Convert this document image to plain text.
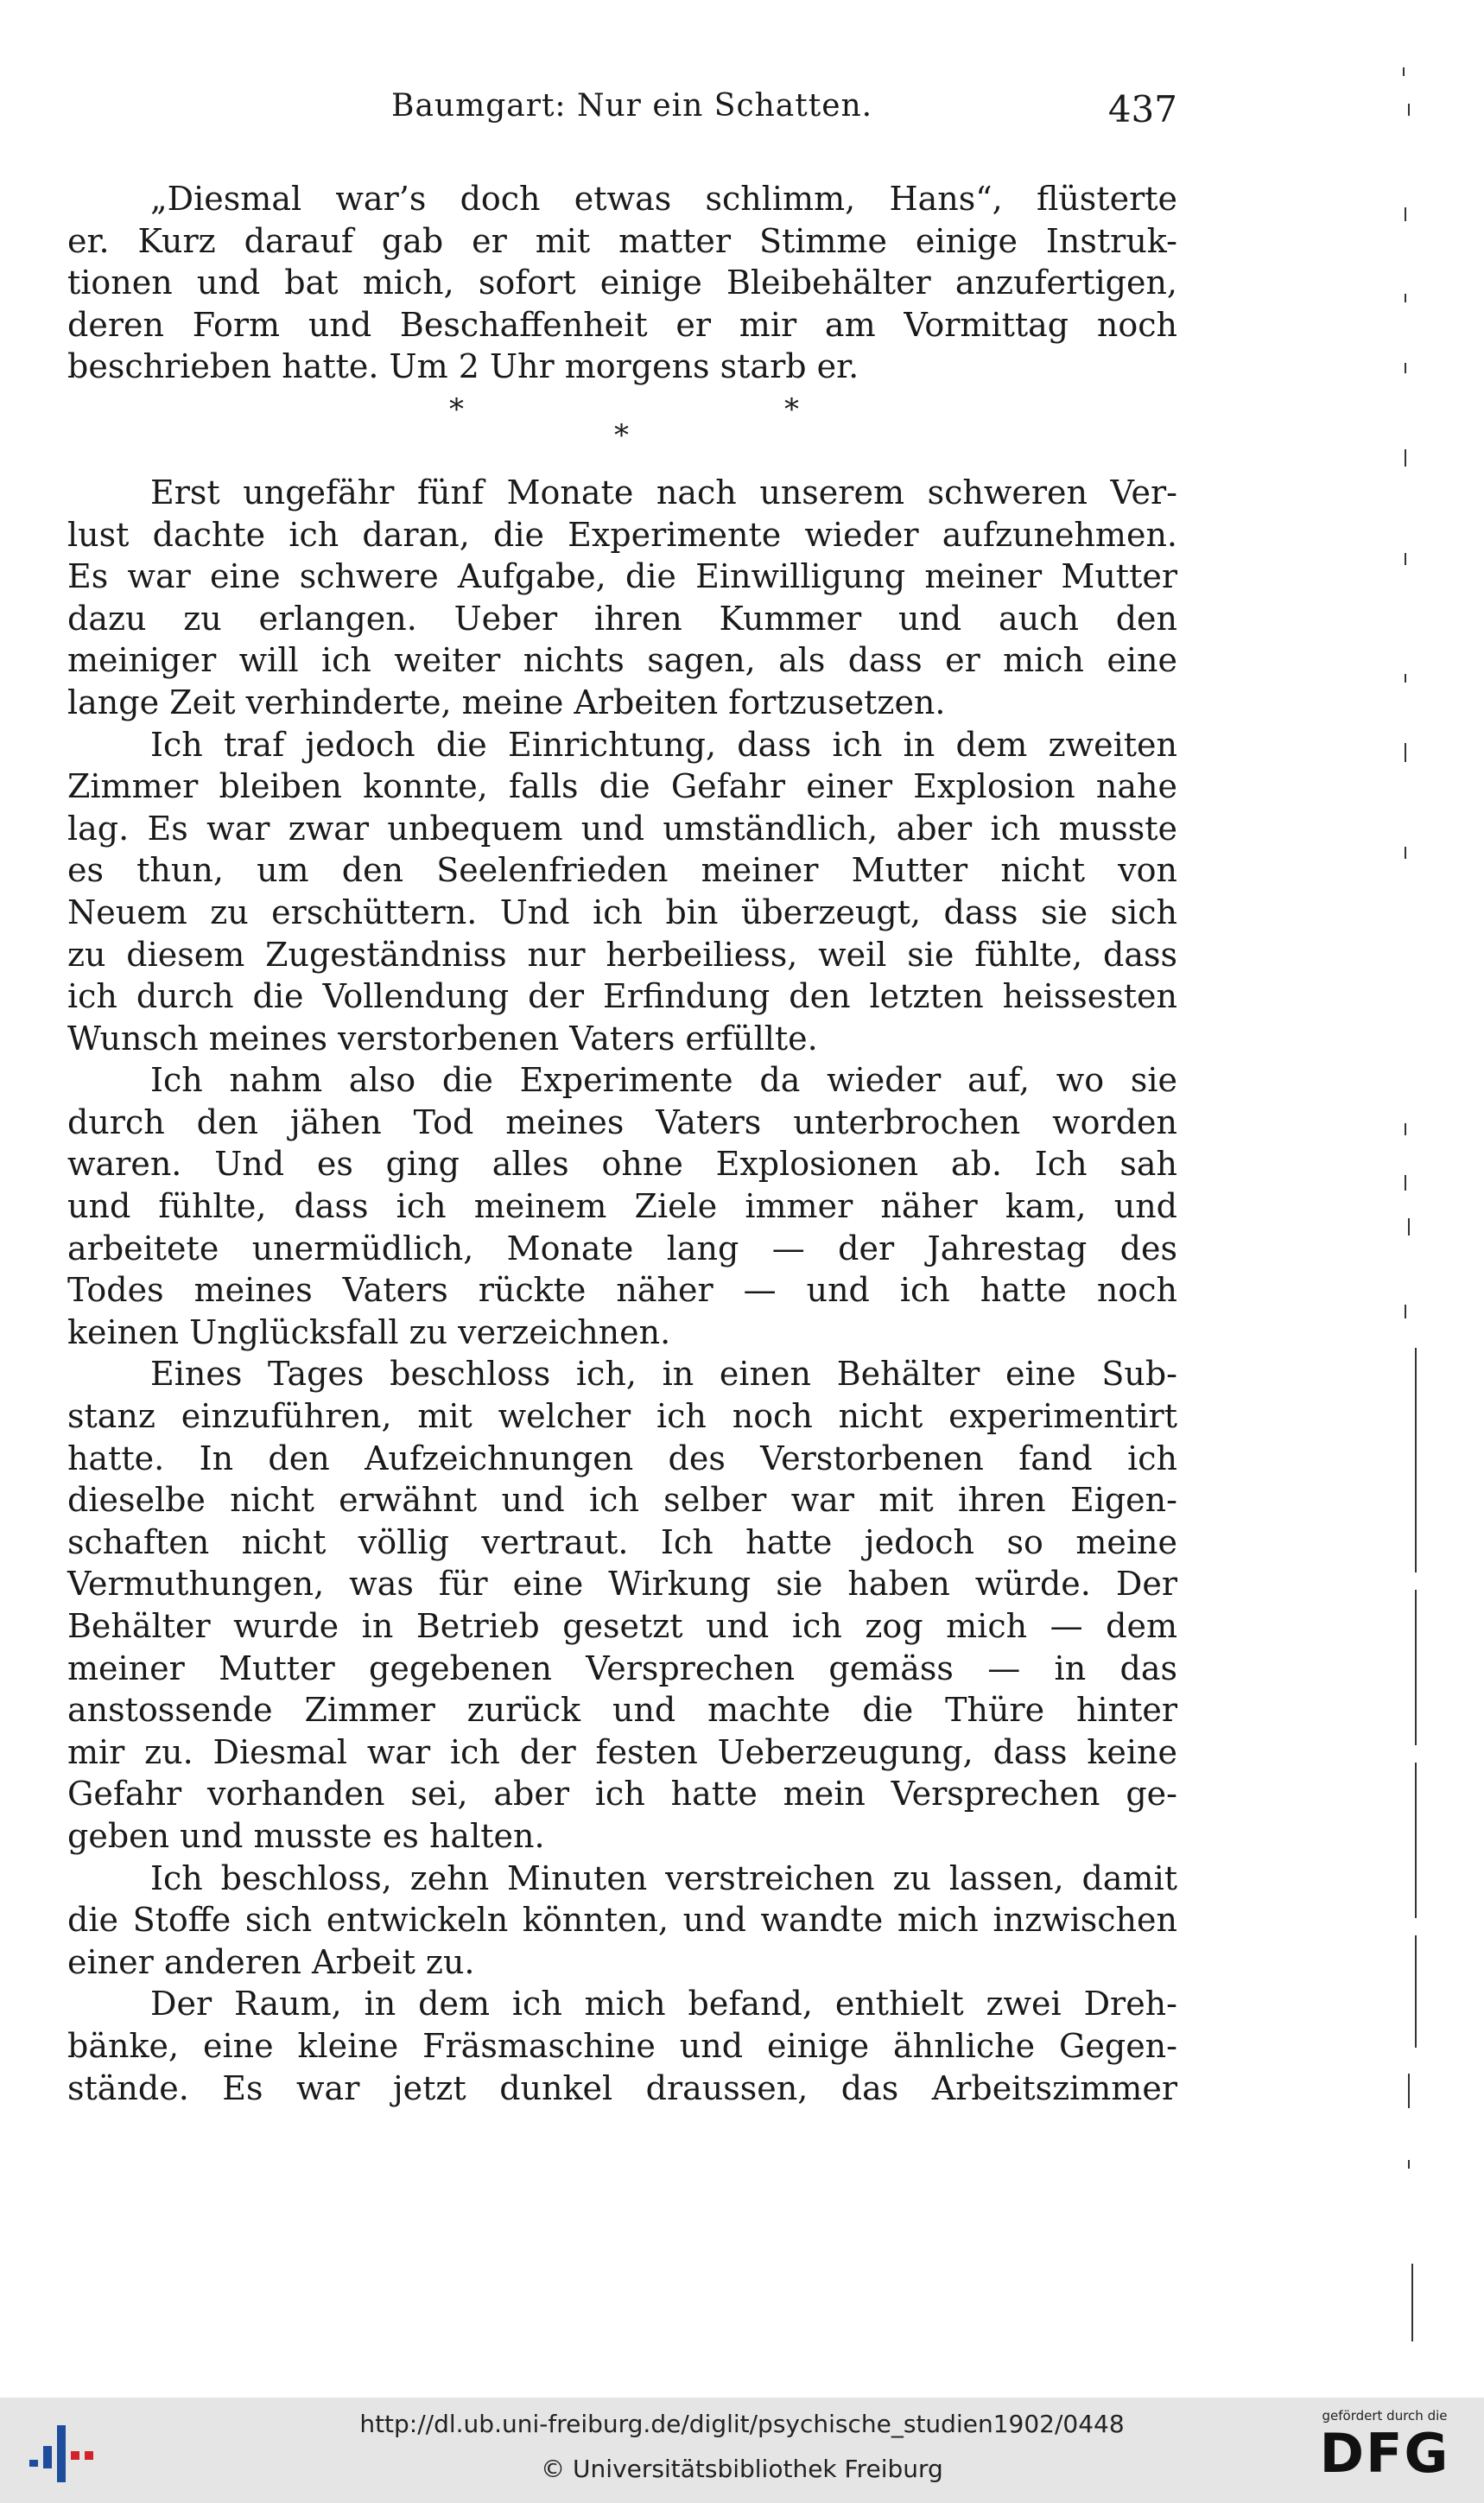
Baumgart: Nur ein Schatten.	437
„Diesmal war’s doch etwas schlimm, Hans“, flüsterte
er. Kurz darauf gab er mit matter Stimme einige Instruk-
tionen und bat mich, sofort einige Bleibehälter anzufertigen,
deren Form und Beschaffenheit er mir am Vormittag noch
beschrieben hatte. Um 2 Uhr morgens starb er.
*
*
*
Erst ungefähr fünf Monate nach unserem schweren Ver-
lust dachte ich daran, die Experimente wieder aufzunehmen.
Es war eine schwere Aufgabe, die Einwilligung meiner Mutter
dazu zu erlangen. Ueber ihren Kummer und auch den
meiniger will ich weiter nichts sagen, als dass er mich eine
lange Zeit verhinderte, meine Arbeiten fortzusetzen.
Ich traf jedoch die Einrichtung, dass ich in dem zweiten
Zimmer bleiben konnte, falls die Gefahr einer Explosion nahe
lag. Es war zwar unbequem und umständlich, aber ich musste
es thun, um den Seelenfrieden meiner Mutter nicht von
Neuem zu erschüttern. Und ich bin überzeugt, dass sie sich
zu diesem Zugeständniss nur herbeiliess, weil sie fühlte, dass
ich durch die Vollendung der Erfindung den letzten heissesten
Wunsch meines verstorbenen Vaters erfüllte.
Ich nahm also die Experimente da wieder auf, wo sie
durch den jähen Tod meines Vaters unterbrochen worden
waren. Und es ging alles ohne Explosionen ab. Ich sah
und fühlte, dass ich meinem Ziele immer näher kam, und
arbeitete unermüdlich, Monate lang — der Jahrestag des
Todes meines Vaters rückte näher — und ich hatte noch
keinen Unglücksfall zu verzeichnen.
Eines Tages beschloss ich, in einen Behälter eine Sub-
stanz einzuführen, mit welcher ich noch nicht experimentirt
hatte. In den Aufzeichnungen des Verstorbenen fand ich
dieselbe nicht erwähnt und ich selber war mit ihren Eigen-
schaften nicht völlig vertraut. Ich hatte jedoch so meine
Vermuthungen, was für eine Wirkung sie haben würde. Der
Behälter wurde in Betrieb gesetzt und ich zog mich — dem
meiner Mutter gegebenen Versprechen gemäss — in das
anstossende Zimmer zurück und machte die Thüre hinter
mir zu. Diesmal war ich der festen Ueberzeugung, dass keine
Gefahr vorhanden sei, aber ich hatte mein Versprechen ge-
geben und musste es halten.
Ich beschloss, zehn Minuten verstreichen zu lassen, damit
die Stoffe sich entwickeln könnten, und wandte mich inzwischen
einer anderen Arbeit zu.
Der Raum, in dem ich mich befand, enthielt zwei Dreh-
bänke, eine kleine Fräsmaschine und einige ähnliche Gegen-
stände. Es war jetzt dunkel draussen, das Arbeitszimmer
http://dl.ub.uni-freiburg.de/diglit/psychische_studien1902/0448
© Universitätsbibliothek Freiburg
gefördert durch die
DFG
